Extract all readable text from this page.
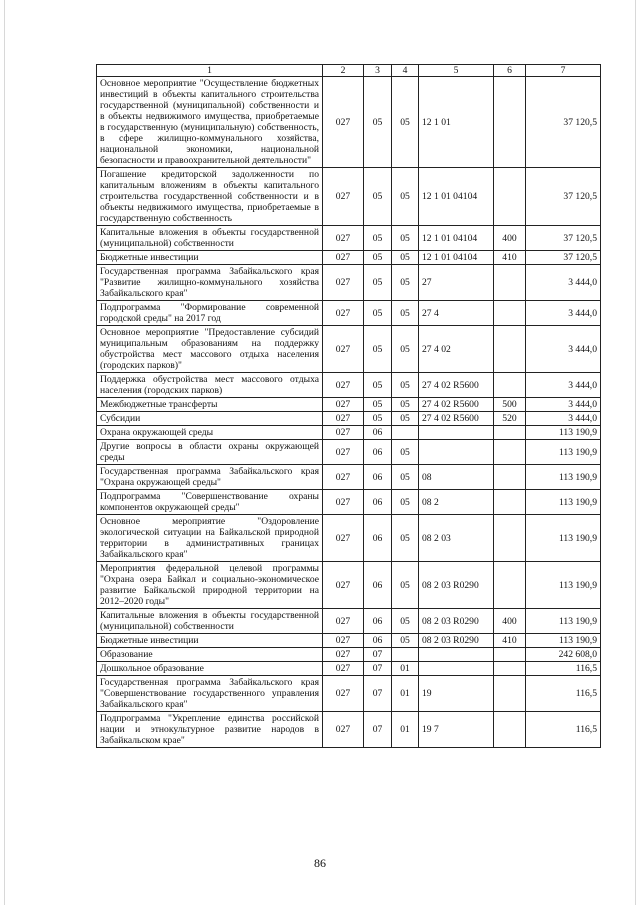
1	2	3	4	5	6	7
Основное мероприятие "Осуществление бюджетных инвестиций в объекты капитального строительства государственной (муниципальной) собственности и в объекты недвижимого имущества, приобретаемые в государственную (муниципальную) собственность, в сфере жилищно-коммунального хозяйства, национальной экономики, национальной безопасности и правоохранительной деятельности"	027	05	05	12 1 01		37 120,5
Погашение кредиторской задолженности по капитальным вложениям в объекты капитального строительства государственной собственности и в объекты недвижимого имущества, приобретаемые в государственную собственность	027	05	05	12 1 01 04104		37 120,5
Капитальные вложения в объекты государственной (муниципальной) собственности	027	05	05	12 1 01 04104	400	37 120,5
Бюджетные инвестиции	027	05	05	12 1 01 04104	410	37 120,5
Государственная программа Забайкальского края "Развитие жилищно-коммунального хозяйства Забайкальского края"	027	05	05	27		3 444,0
Подпрограмма "Формирование современной городской среды" на 2017 год	027	05	05	27 4		3 444,0
Основное мероприятие "Предоставление субсидий муниципальным образованиям на поддержку обустройства мест массового отдыха населения (городских парков)"	027	05	05	27 4 02		3 444,0
Поддержка обустройства мест массового отдыха населения (городских парков)	027	05	05	27 4 02 R5600		3 444,0
Межбюджетные трансферты	027	05	05	27 4 02 R5600	500	3 444,0
Субсидии	027	05	05	27 4 02 R5600	520	3 444,0
Охрана окружающей среды	027	06				113 190,9
Другие вопросы в области охраны окружающей среды	027	06	05			113 190,9
Государственная программа Забайкальского края "Охрана окружающей среды"	027	06	05	08		113 190,9
Подпрограмма "Совершенствование охраны компонентов окружающей среды"	027	06	05	08 2		113 190,9
Основное мероприятие "Оздоровление экологической ситуации на Байкальской природной территории в административных границах Забайкальского края"	027	06	05	08 2 03		113 190,9
Мероприятия федеральной целевой программы "Охрана озера Байкал и социально-экономическое развитие Байкальской природной территории на 2012–2020 годы"	027	06	05	08 2 03 R0290		113 190,9
Капитальные вложения в объекты государственной (муниципальной) собственности	027	06	05	08 2 03 R0290	400	113 190,9
Бюджетные инвестиции	027	06	05	08 2 03 R0290	410	113 190,9
Образование	027	07				242 608,0
Дошкольное образование	027	07	01			116,5
Государственная программа Забайкальского края "Совершенствование государственного управления Забайкальского края"	027	07	01	19		116,5
Подпрограмма "Укрепление единства российской нации и этнокультурное развитие народов в Забайкальском крае"	027	07	01	19 7		116,5
86
